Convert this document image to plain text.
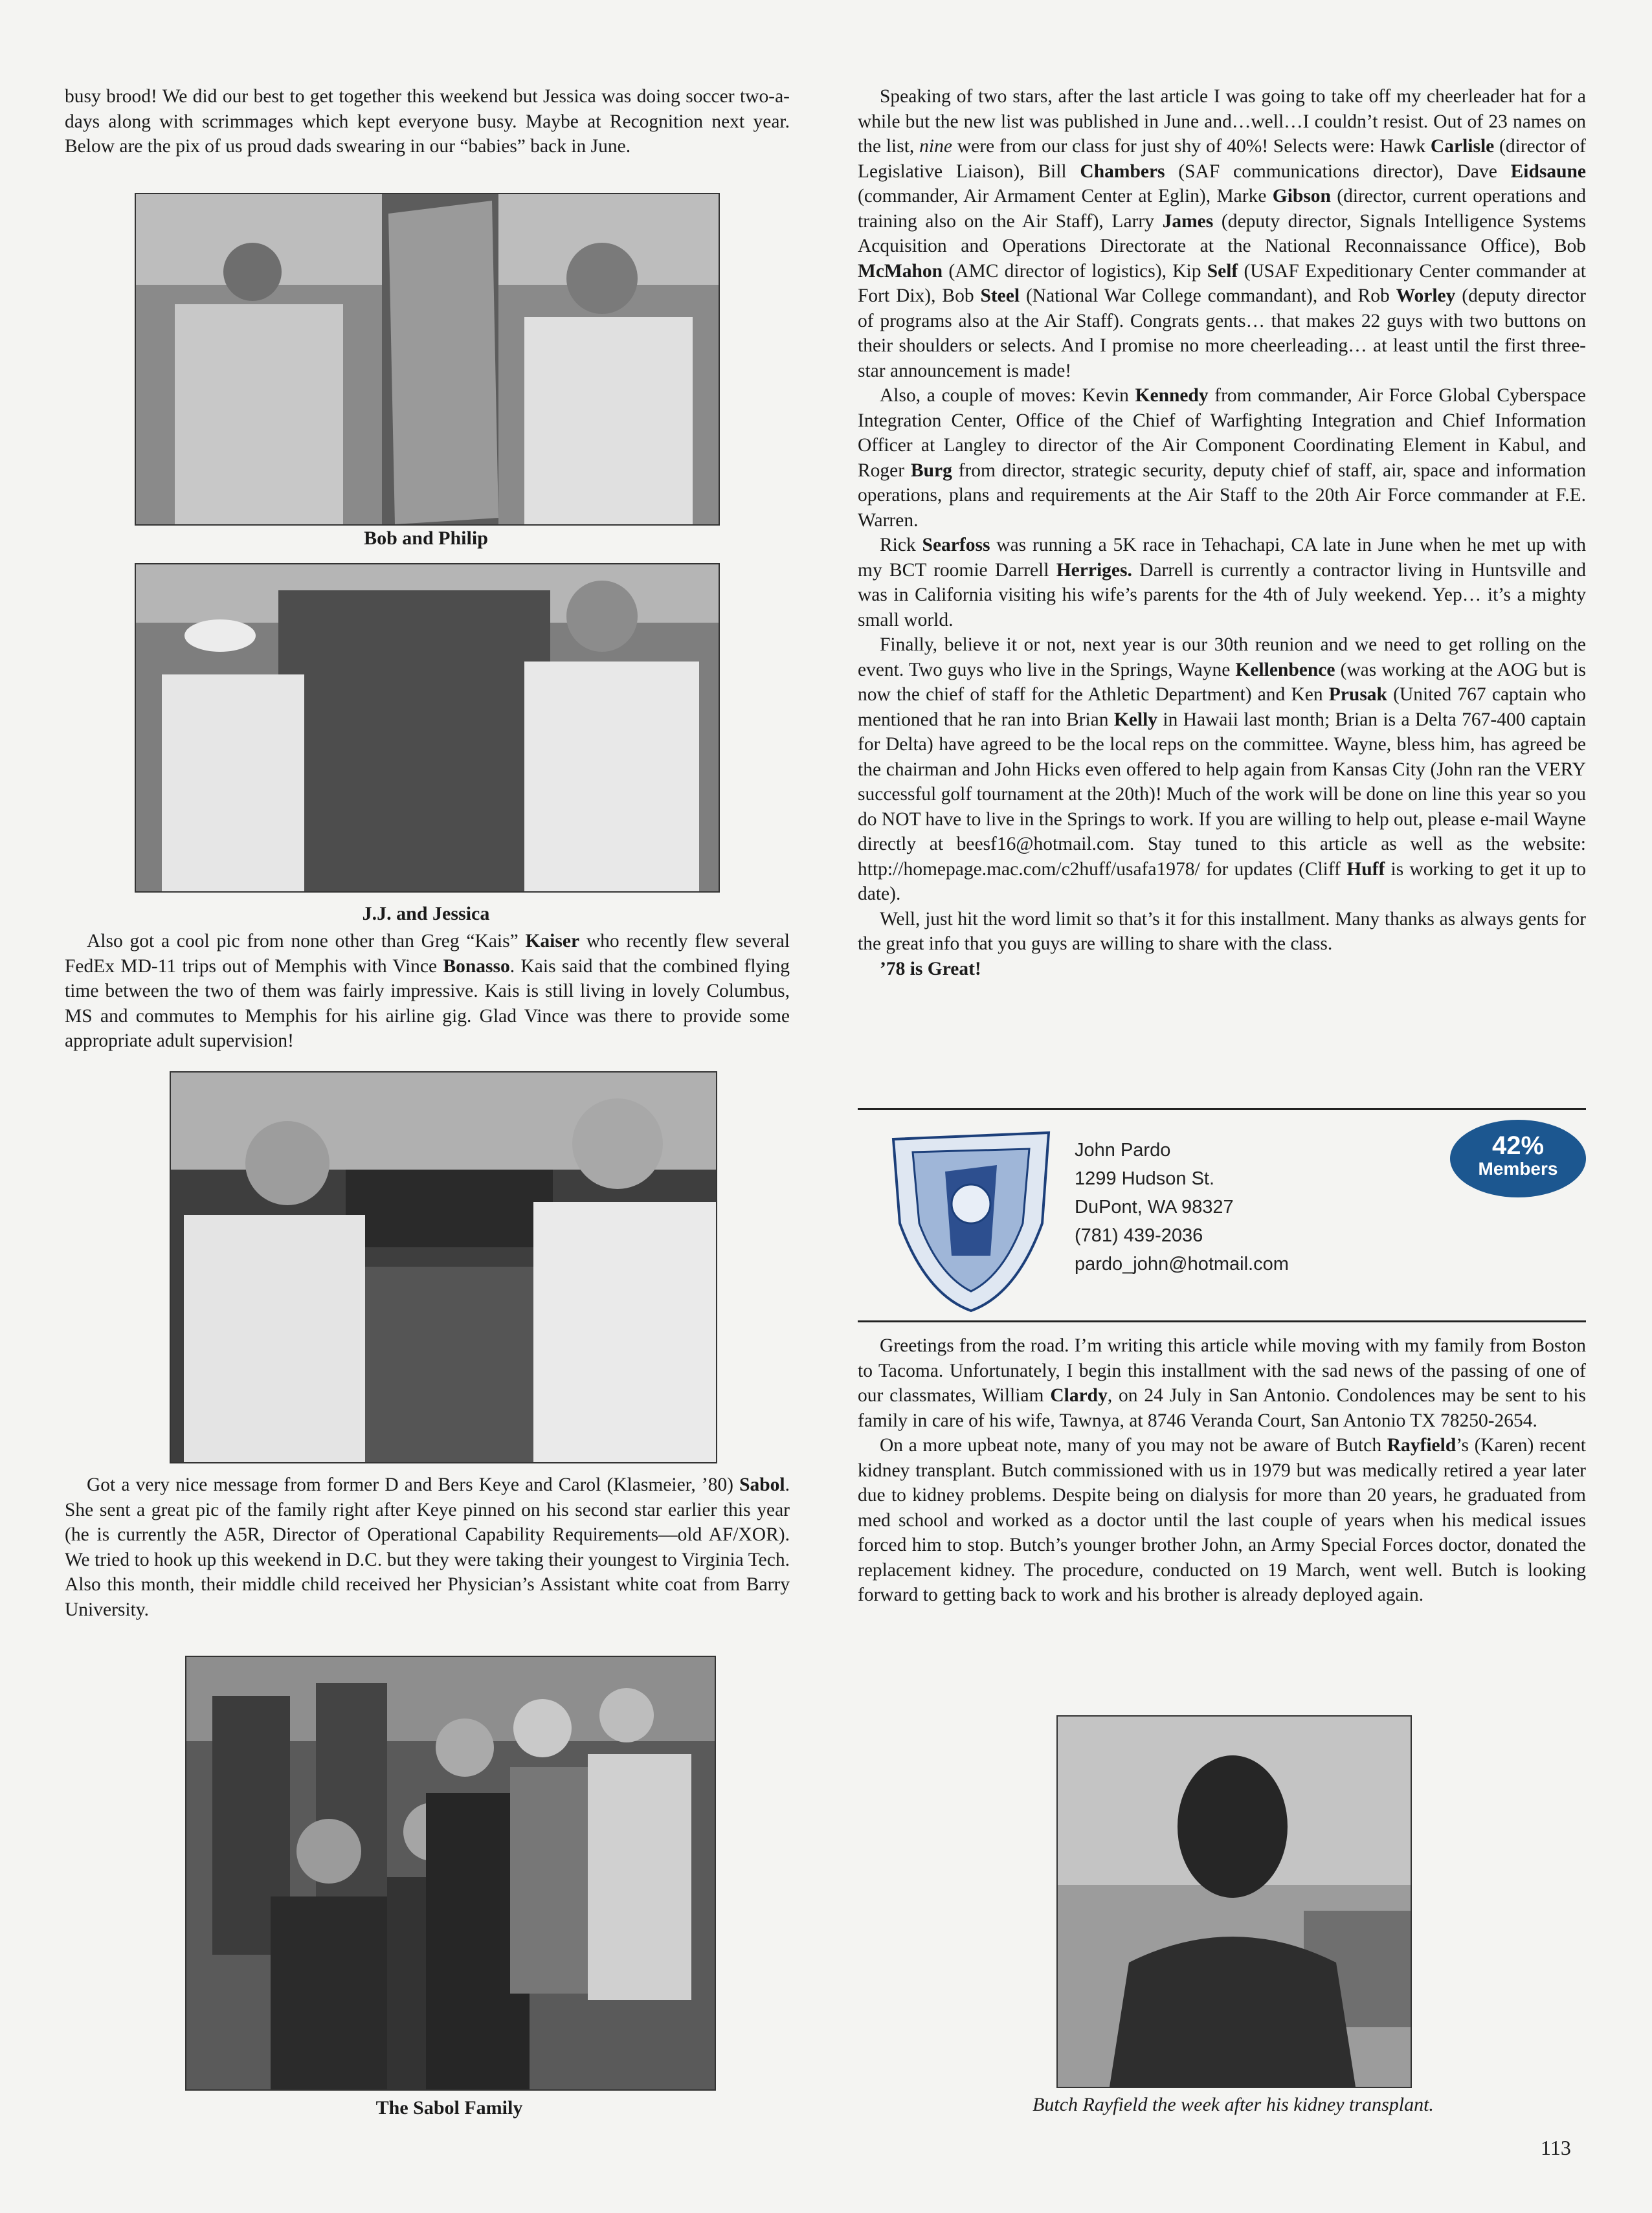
busy brood! We did our best to get together this weekend but Jessica was doing soccer two-a-days along with scrimmages which kept everyone busy. Maybe at Recognition next year. Below are the pix of us proud dads swearing in our “babies” back in June.

Bob and Philip
J.J. and Jessica

Also got a cool pic from none other than Greg “Kais” Kaiser who recently flew several FedEx MD-11 trips out of Memphis with Vince Bonasso. Kais said that the combined flying time between the two of them was fairly impressive. Kais is still living in lovely Columbus, MS and commutes to Memphis for his airline gig. Glad Vince was there to provide some appropriate adult supervision!

Got a very nice message from former D and Bers Keye and Carol (Klasmeier, ’80) Sabol. She sent a great pic of the family right after Keye pinned on his second star earlier this year (he is currently the A5R, Director of Operational Capability Requirements—old AF/XOR). We tried to hook up this weekend in D.C. but they were taking their youngest to Virginia Tech. Also this month, their middle child received her Physician’s Assistant white coat from Barry University.

The Sabol Family

Speaking of two stars, after the last article I was going to take off my cheerleader hat for a while but the new list was published in June and…well…I couldn’t resist. Out of 23 names on the list, nine were from our class for just shy of 40%! Selects were: Hawk Carlisle (director of Legislative Liaison), Bill Chambers (SAF communications director), Dave Eidsaune (commander, Air Armament Center at Eglin), Marke Gibson (director, current operations and training also on the Air Staff), Larry James (deputy director, Signals Intelligence Systems Acquisition and Operations Directorate at the National Reconnaissance Office), Bob McMahon (AMC director of logistics), Kip Self (USAF Expeditionary Center commander at Fort Dix), Bob Steel (National War College commandant), and Rob Worley (deputy director of programs also at the Air Staff). Congrats gents… that makes 22 guys with two buttons on their shoulders or selects. And I promise no more cheerleading… at least until the first three-star announcement is made!

Also, a couple of moves: Kevin Kennedy from commander, Air Force Global Cyberspace Integration Center, Office of the Chief of Warfighting Integration and Chief Information Officer at Langley to director of the Air Component Coordinating Element in Kabul, and Roger Burg from director, strategic security, deputy chief of staff, air, space and information operations, plans and requirements at the Air Staff to the 20th Air Force commander at F.E. Warren.

Rick Searfoss was running a 5K race in Tehachapi, CA late in June when he met up with my BCT roomie Darrell Herriges. Darrell is currently a contractor living in Huntsville and was in California visiting his wife’s parents for the 4th of July weekend. Yep… it’s a mighty small world.

Finally, believe it or not, next year is our 30th reunion and we need to get rolling on the event. Two guys who live in the Springs, Wayne Kellenbence (was working at the AOG but is now the chief of staff for the Athletic Department) and Ken Prusak (United 767 captain who mentioned that he ran into Brian Kelly in Hawaii last month; Brian is a Delta 767-400 captain for Delta) have agreed to be the local reps on the committee. Wayne, bless him, has agreed be the chairman and John Hicks even offered to help again from Kansas City (John ran the VERY successful golf tournament at the 20th)! Much of the work will be done on line this year so you do NOT have to live in the Springs to work. If you are willing to help out, please e-mail Wayne directly at beesf16@hotmail.com. Stay tuned to this article as well as the website: http://homepage.mac.com/c2huff/usafa1978/ for updates (Cliff Huff is working to get it up to date).

Well, just hit the word limit so that’s it for this installment. Many thanks as always gents for the great info that you guys are willing to share with the class.

’78 is Great!

John Pardo
1299 Hudson St.
DuPont, WA 98327
(781) 439-2036
pardo_john@hotmail.com
42%
Members

Greetings from the road. I’m writing this article while moving with my family from Boston to Tacoma. Unfortunately, I begin this installment with the sad news of the passing of one of our classmates, William Clardy, on 24 July in San Antonio. Condolences may be sent to his family in care of his wife, Tawnya, at 8746 Veranda Court, San Antonio TX 78250-2654.

On a more upbeat note, many of you may not be aware of Butch Rayfield’s (Karen) recent kidney transplant. Butch commissioned with us in 1979 but was medically retired a year later due to kidney problems. Despite being on dialysis for more than 20 years, he graduated from med school and worked as a doctor until the last couple of years when his medical issues forced him to stop. Butch’s younger brother John, an Army Special Forces doctor, donated the replacement kidney. The procedure, conducted on 19 March, went well. Butch is looking forward to getting back to work and his brother is already deployed again.

Butch Rayfield the week after his kidney transplant.
113
